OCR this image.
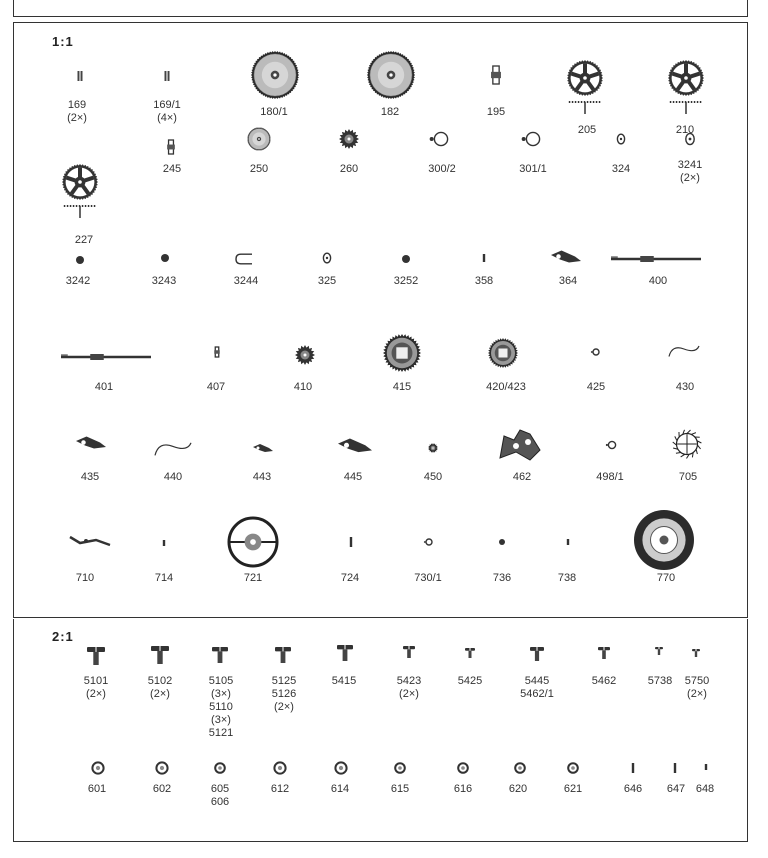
1:1
2:1
169
(2×)
169/1
(4×)	180/1	182	195
205	210
227
245	250	260	300/2	301/1	324	3241
(2×)
3242	3243	3244	325	3252	358	364	400
401	407	410	415	420/423	425	430
435	440	443	445	450	462	498/1	705
710	714	721	724	730/1	736	738	770
5101
(2×)
5102
(2×)
5105
(3×)
5110
(3×)
5121
5125
5126
(2×)
5415	5423
(2×)
5425	5445
5462/1
5462	5738 5750
(2×)
601	602	605
606
612	614	615	616	620	621	646 647 648
